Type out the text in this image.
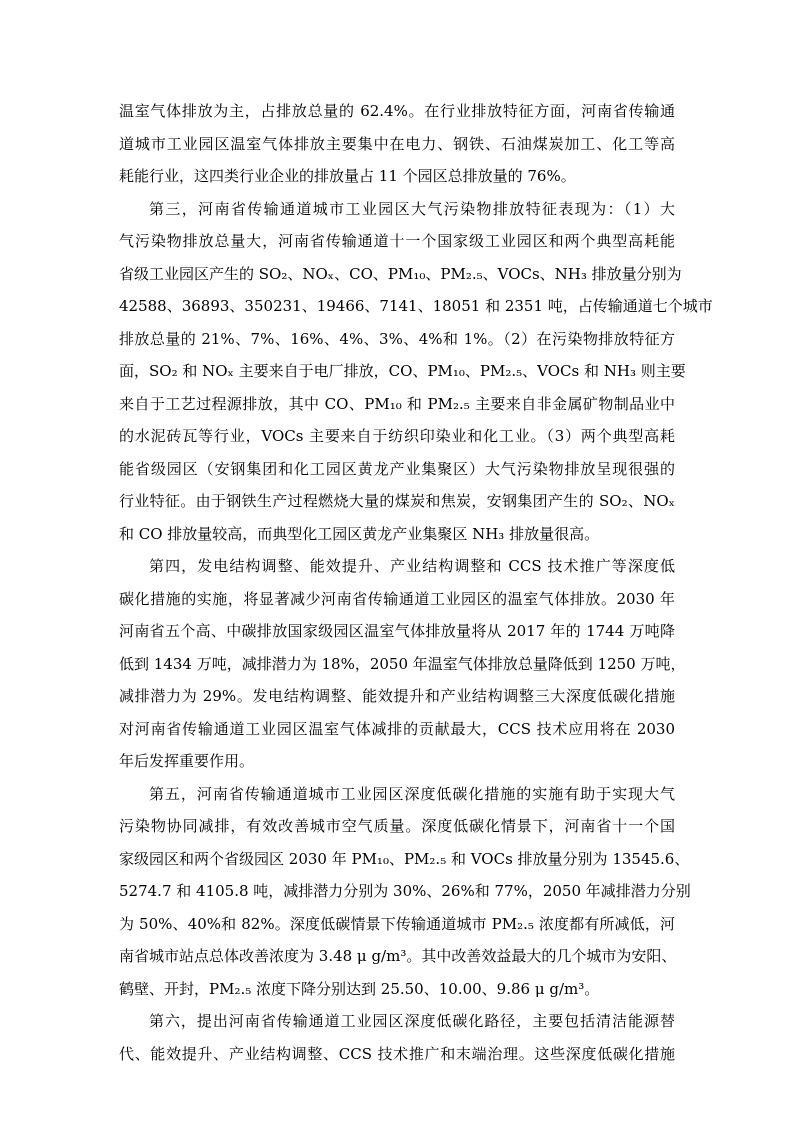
温室气体排放为主，占排放总量的 62.4%。在行业排放特征方面，河南省传输通
道城市工业园区温室气体排放主要集中在电力、钢铁、石油煤炭加工、化工等高
耗能行业，这四类行业企业的排放量占 11 个园区总排放量的 76%。
第三，河南省传输通道城市工业园区大气污染物排放特征表现为：（1）大
气污染物排放总量大，河南省传输通道十一个国家级工业园区和两个典型高耗能
省级工业园区产生的 SO₂、NOₓ、CO、PM₁₀、PM₂.₅、VOCs、NH₃ 排放量分别为
42588、36893、350231、19466、7141、18051 和 2351 吨，占传输通道七个城市
排放总量的 21%、7%、16%、4%、3%、4%和 1%。（2）在污染物排放特征方
面，SO₂ 和 NOₓ 主要来自于电厂排放，CO、PM₁₀、PM₂.₅、VOCs 和 NH₃ 则主要
来自于工艺过程源排放，其中 CO、PM₁₀ 和 PM₂.₅ 主要来自非金属矿物制品业中
的水泥砖瓦等行业，VOCs 主要来自于纺织印染业和化工业。（3）两个典型高耗
能省级园区（安钢集团和化工园区黄龙产业集聚区）大气污染物排放呈现很强的
行业特征。由于钢铁生产过程燃烧大量的煤炭和焦炭，安钢集团产生的 SO₂、NOₓ
和 CO 排放量较高，而典型化工园区黄龙产业集聚区 NH₃ 排放量很高。
第四，发电结构调整、能效提升、产业结构调整和 CCS 技术推广等深度低
碳化措施的实施，将显著减少河南省传输通道工业园区的温室气体排放。2030 年
河南省五个高、中碳排放国家级园区温室气体排放量将从 2017 年的 1744 万吨降
低到 1434 万吨，减排潜力为 18%，2050 年温室气体排放总量降低到 1250 万吨，
减排潜力为 29%。发电结构调整、能效提升和产业结构调整三大深度低碳化措施
对河南省传输通道工业园区温室气体减排的贡献最大，CCS 技术应用将在 2030
年后发挥重要作用。
第五，河南省传输通道城市工业园区深度低碳化措施的实施有助于实现大气
污染物协同减排，有效改善城市空气质量。深度低碳化情景下，河南省十一个国
家级园区和两个省级园区 2030 年 PM₁₀、PM₂.₅ 和 VOCs 排放量分别为 13545.6、
5274.7 和 4105.8 吨，减排潜力分别为 30%、26%和 77%，2050 年减排潜力分别
为 50%、40%和 82%。深度低碳情景下传输通道城市 PM₂.₅ 浓度都有所减低，河
南省城市站点总体改善浓度为 3.48 μ g/m³。其中改善效益最大的几个城市为安阳、
鹤壁、开封，PM₂.₅ 浓度下降分别达到 25.50、10.00、9.86 μ g/m³。
第六，提出河南省传输通道工业园区深度低碳化路径，主要包括清洁能源替
代、能效提升、产业结构调整、CCS 技术推广和末端治理。这些深度低碳化措施
